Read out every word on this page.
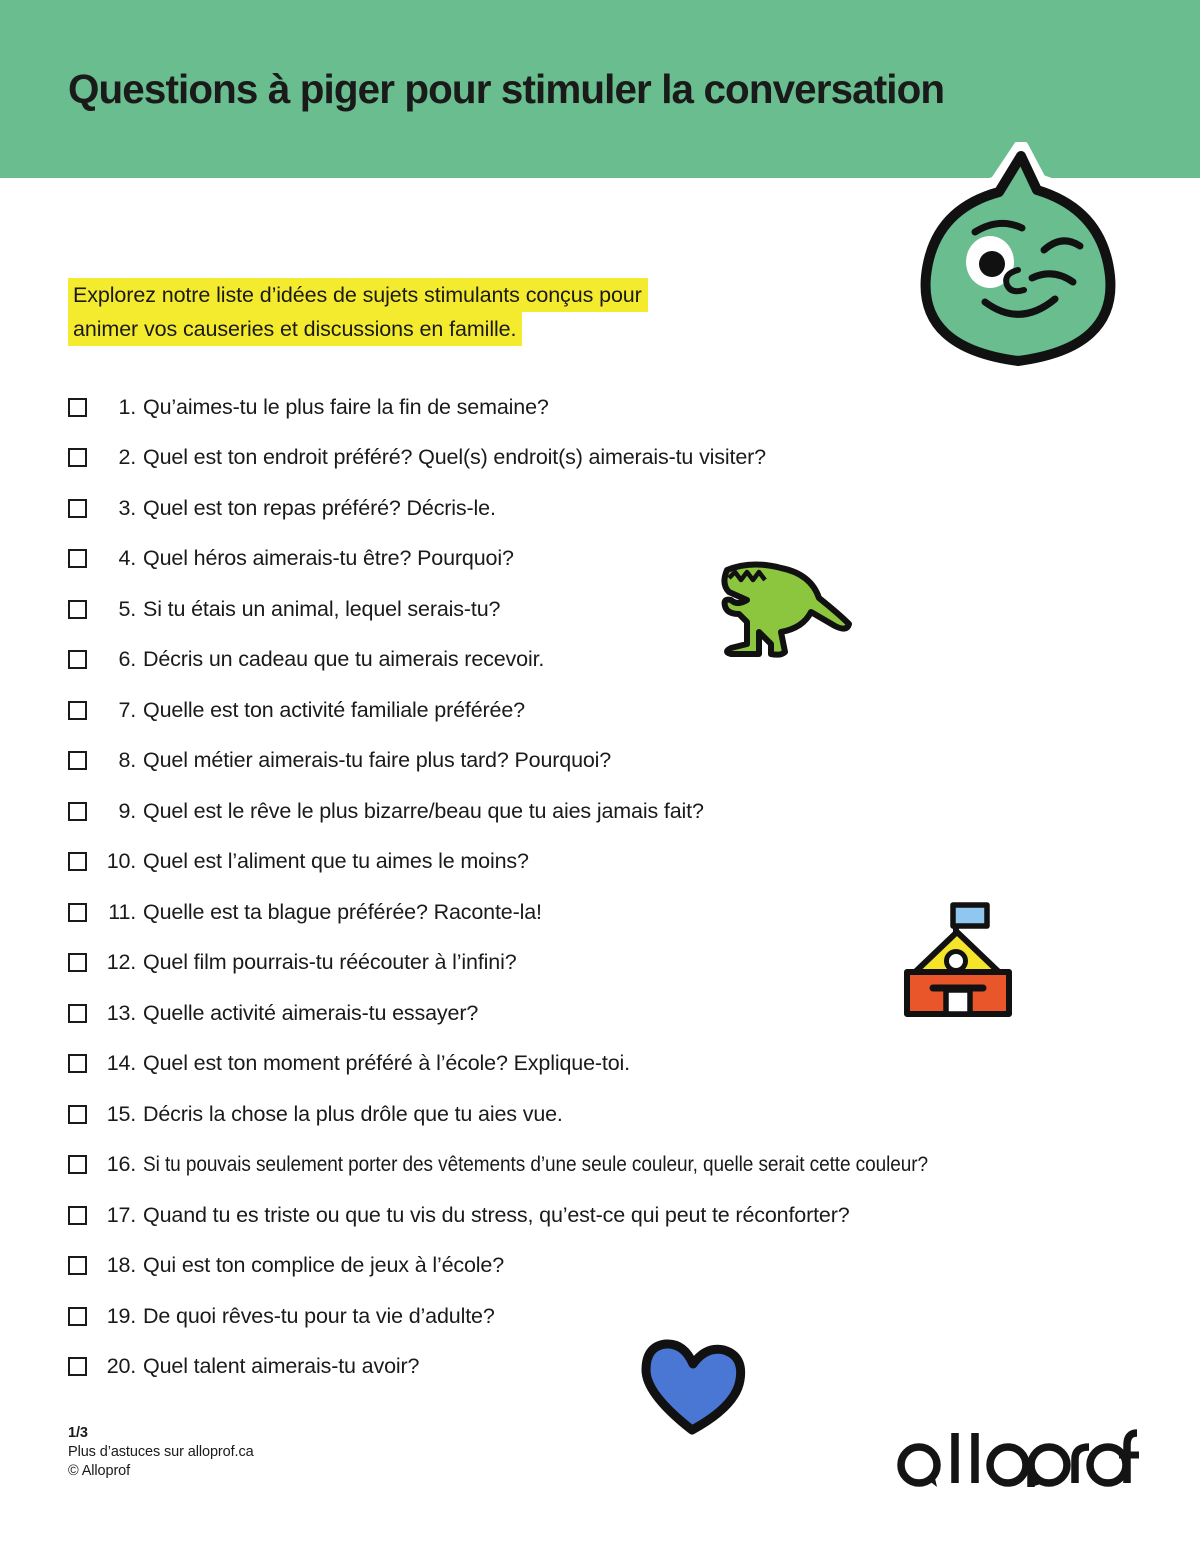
Questions à piger pour stimuler la conversation
Explorez notre liste d’idées de sujets stimulants conçus pour
animer vos causeries et discussions en famille.
1. Qu’aimes-tu le plus faire la fin de semaine?
2. Quel est ton endroit préféré? Quel(s) endroit(s) aimerais-tu visiter?
3. Quel est ton repas préféré? Décris-le.
4. Quel héros aimerais-tu être? Pourquoi?
5. Si tu étais un animal, lequel serais-tu?
6. Décris un cadeau que tu aimerais recevoir.
7. Quelle est ton activité familiale préférée?
8. Quel métier aimerais-tu faire plus tard? Pourquoi?
9. Quel est le rêve le plus bizarre/beau que tu aies jamais fait?
10. Quel est l’aliment que tu aimes le moins?
11. Quelle est ta blague préférée? Raconte-la!
12. Quel film pourrais-tu réécouter à l’infini?
13. Quelle activité aimerais-tu essayer?
14. Quel est ton moment préféré à l’école? Explique-toi.
15. Décris la chose la plus drôle que tu aies vue.
16. Si tu pouvais seulement porter des vêtements d’une seule couleur, quelle serait cette couleur?
17. Quand tu es triste ou que tu vis du stress, qu’est-ce qui peut te réconforter?
18. Qui est ton complice de jeux à l’école?
19. De quoi rêves-tu pour ta vie d’adulte?
20. Quel talent aimerais-tu avoir?
1/3
Plus d’astuces sur alloprof.ca
© Alloprof
